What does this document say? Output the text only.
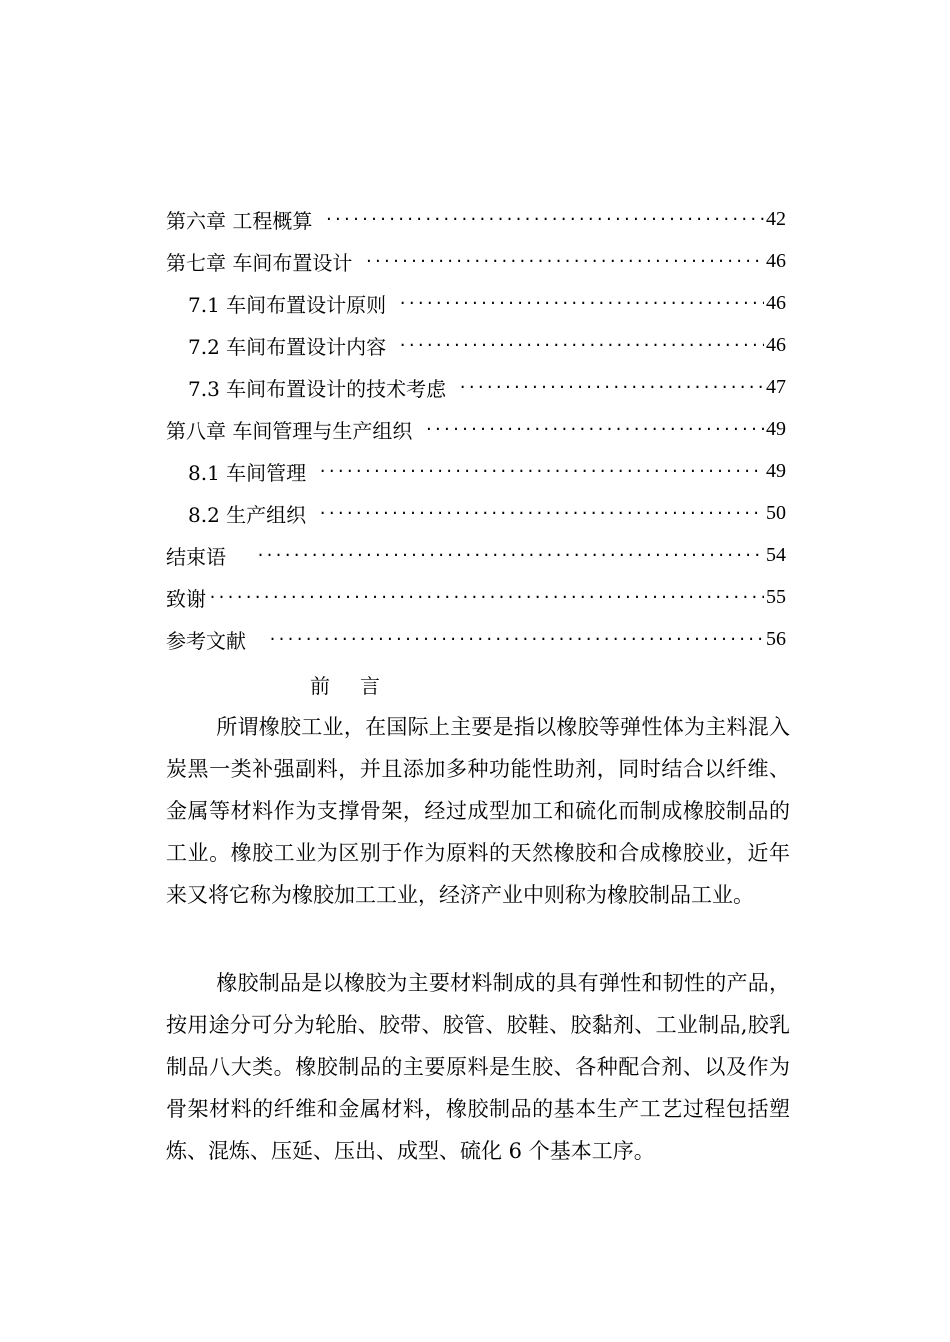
第六章 工程概算 ·····	42
第七章 车间布置设计 ·····	46
7.1 车间布置设计原则 ·····	46
7.2 车间布置设计内容 ·····	46
7.3 车间布置设计的技术考虑 ·····	47
第八章 车间管理与生产组织 ·····	49
8.1 车间管理 ·····	49
8.2 生产组织 ·····	50
结束语 ·····	54
致谢 ·····	55
参考文献 ·····	56
前言

所谓橡胶工业，在国际上主要是指以橡胶等弹性体为主料混入炭黑一类补强副料，并且添加多种功能性助剂，同时结合以纤维、金属等材料作为支撑骨架，经过成型加工和硫化而制成橡胶制品的工业。橡胶工业为区别于作为原料的天然橡胶和合成橡胶业，近年来又将它称为橡胶加工工业，经济产业中则称为橡胶制品工业。

橡胶制品是以橡胶为主要材料制成的具有弹性和韧性的产品，按用途分可分为轮胎、胶带、胶管、胶鞋、胶黏剂、工业制品,胶乳制品八大类。橡胶制品的主要原料是生胶、各种配合剂、以及作为骨架材料的纤维和金属材料，橡胶制品的基本生产工艺过程包括塑炼、混炼、压延、压出、成型、硫化 6 个基本工序。
